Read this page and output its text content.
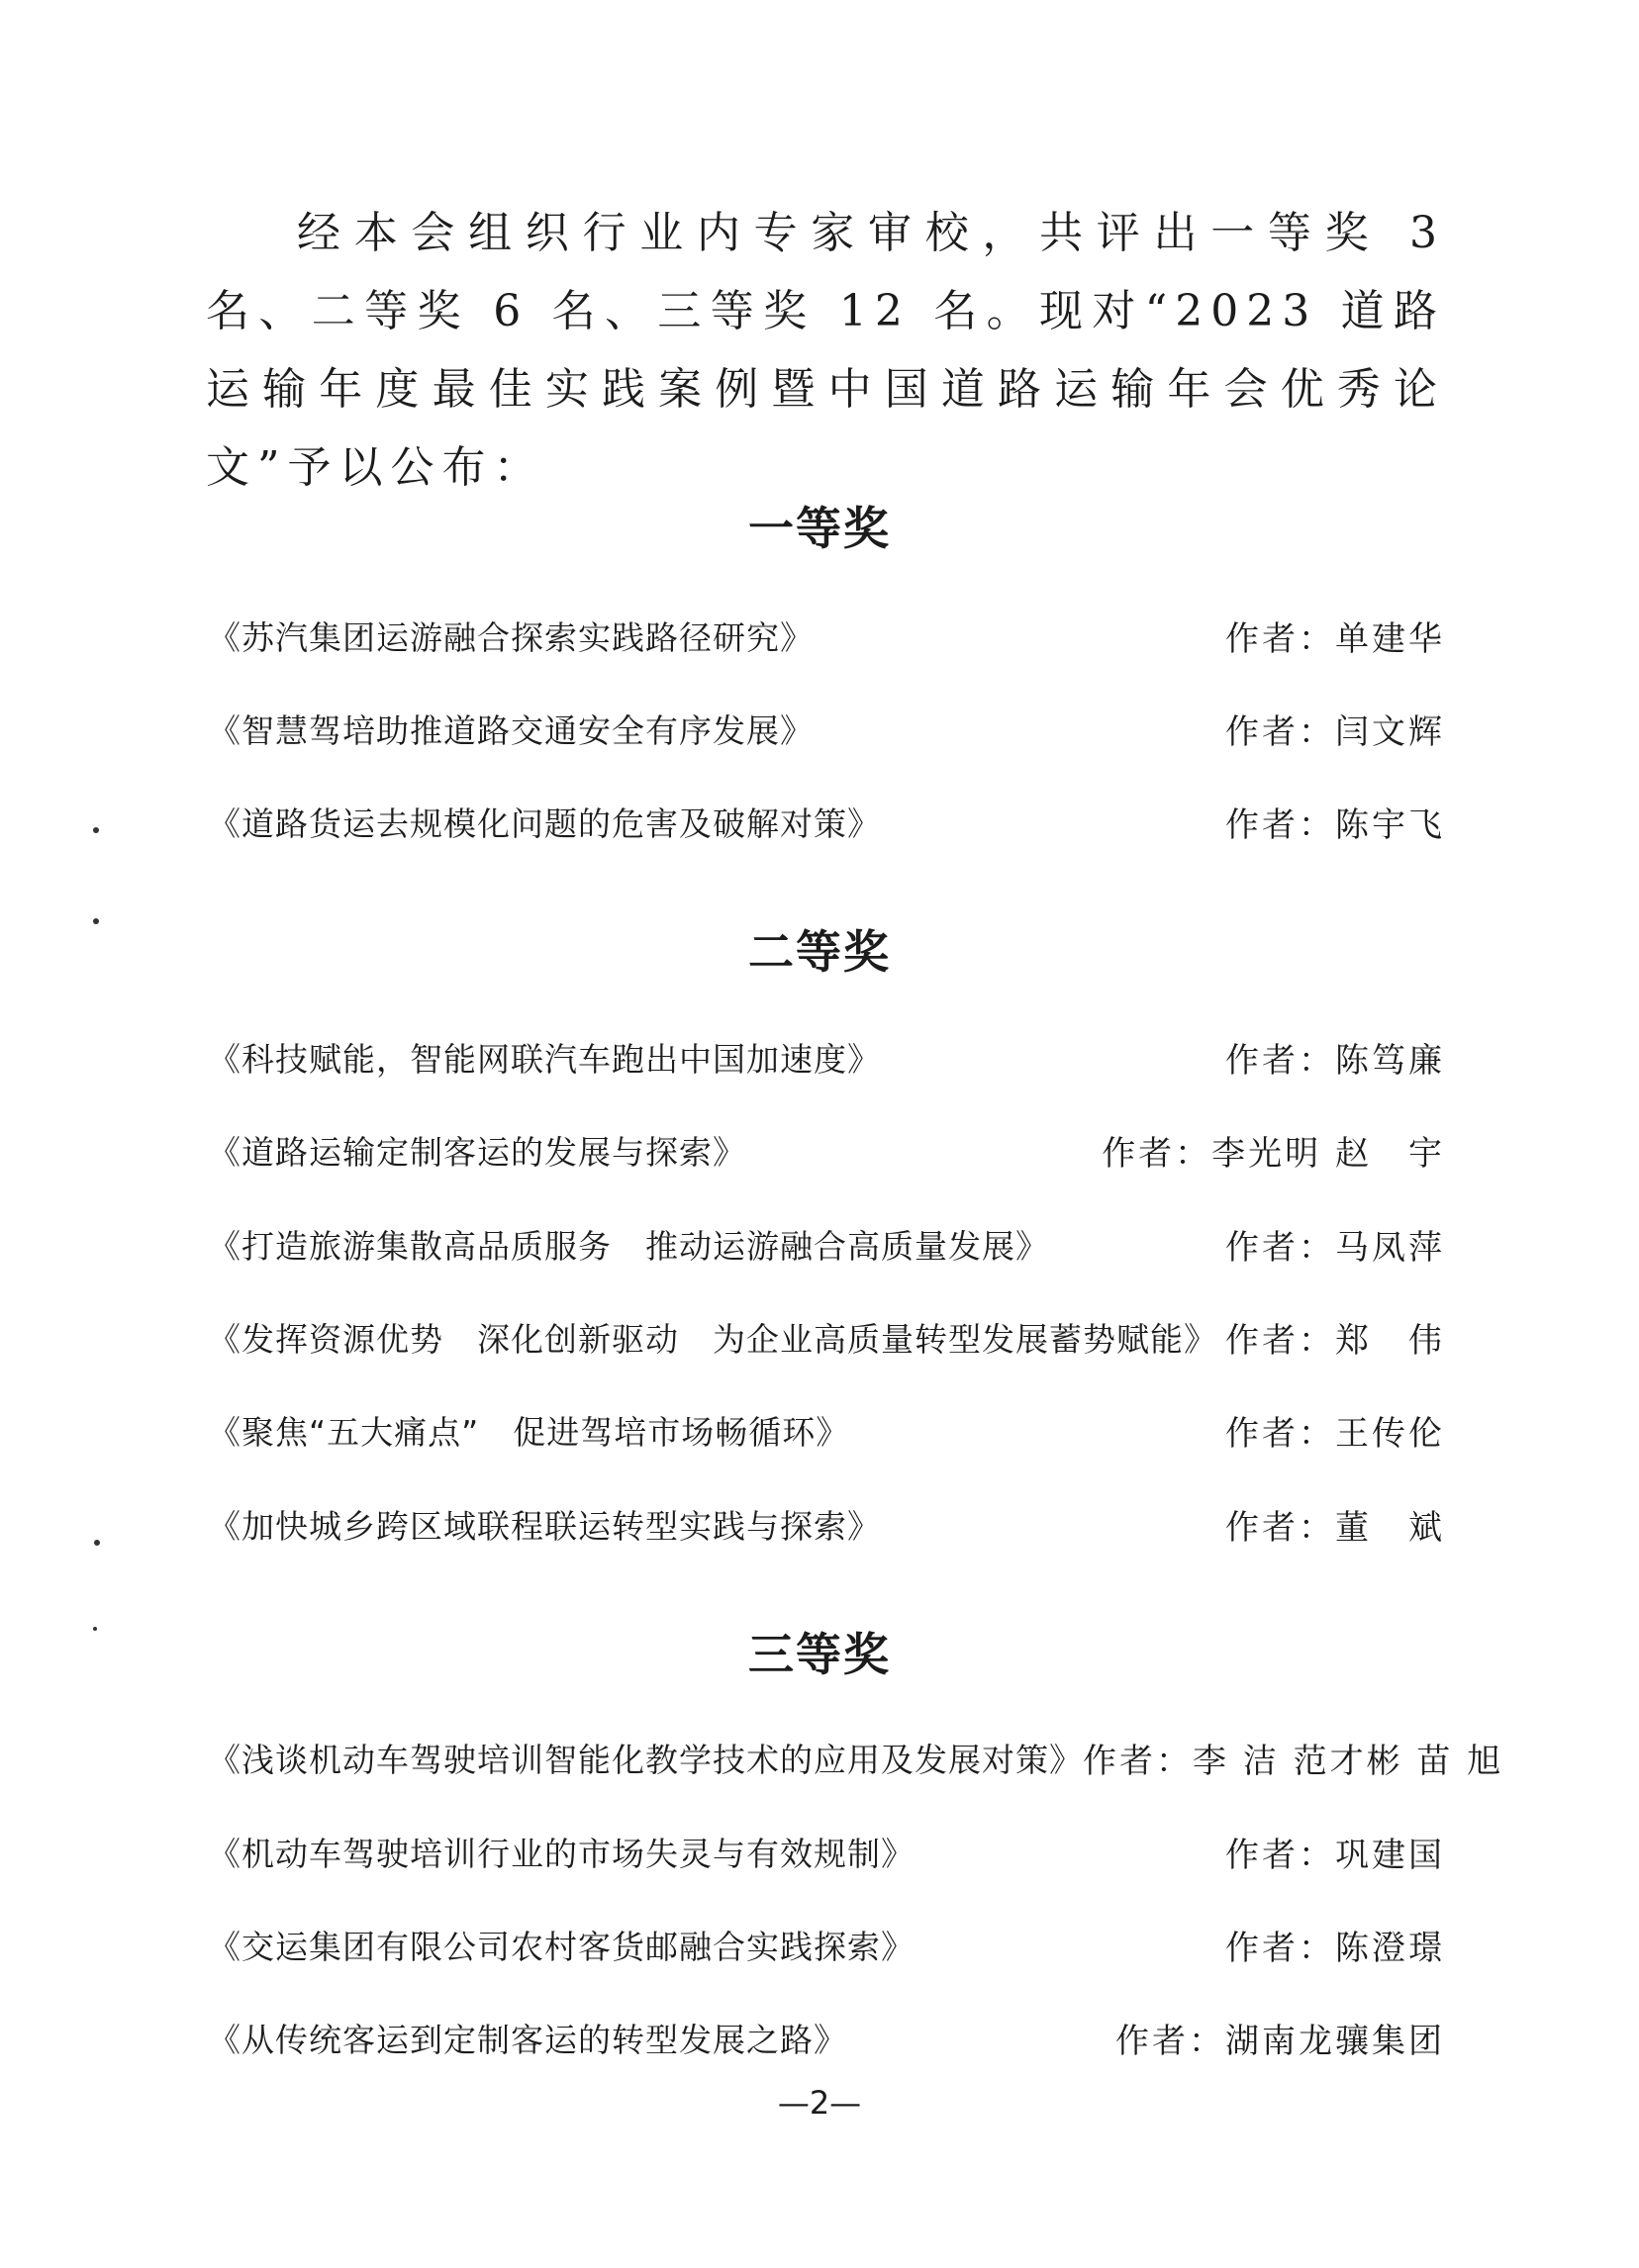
经本会组织行业内专家审校，共评出一等奖 3 名、二等奖 6 名、三等奖 12 名。现对“2023 道路运输年度最佳实践案例暨中国道路运输年会优秀论文”予以公布：

一等奖
《苏汽集团运游融合探索实践路径研究》	作者：单建华
《智慧驾培助推道路交通安全有序发展》	作者：闫文辉
《道路货运去规模化问题的危害及破解对策》	作者：陈宇飞
二等奖
《科技赋能，智能网联汽车跑出中国加速度》	作者：陈笃廉
《道路运输定制客运的发展与探索》	作者：李光明 赵　宇
《打造旅游集散高品质服务　推动运游融合高质量发展》	作者：马凤萍
《发挥资源优势　深化创新驱动　为企业高质量转型发展蓄势赋能》 作者：郑　伟
《聚焦“五大痛点”　促进驾培市场畅循环》	作者：王传伦
《加快城乡跨区域联程联运转型实践与探索》	作者：董　斌
三等奖
《浅谈机动车驾驶培训智能化教学技术的应用及发展对策》 作者：李 洁 范才彬 苗 旭
《机动车驾驶培训行业的市场失灵与有效规制》	作者：巩建国
《交运集团有限公司农村客货邮融合实践探索》	作者：陈澄璟
《从传统客运到定制客运的转型发展之路》	作者：湖南龙骧集团

—2—
